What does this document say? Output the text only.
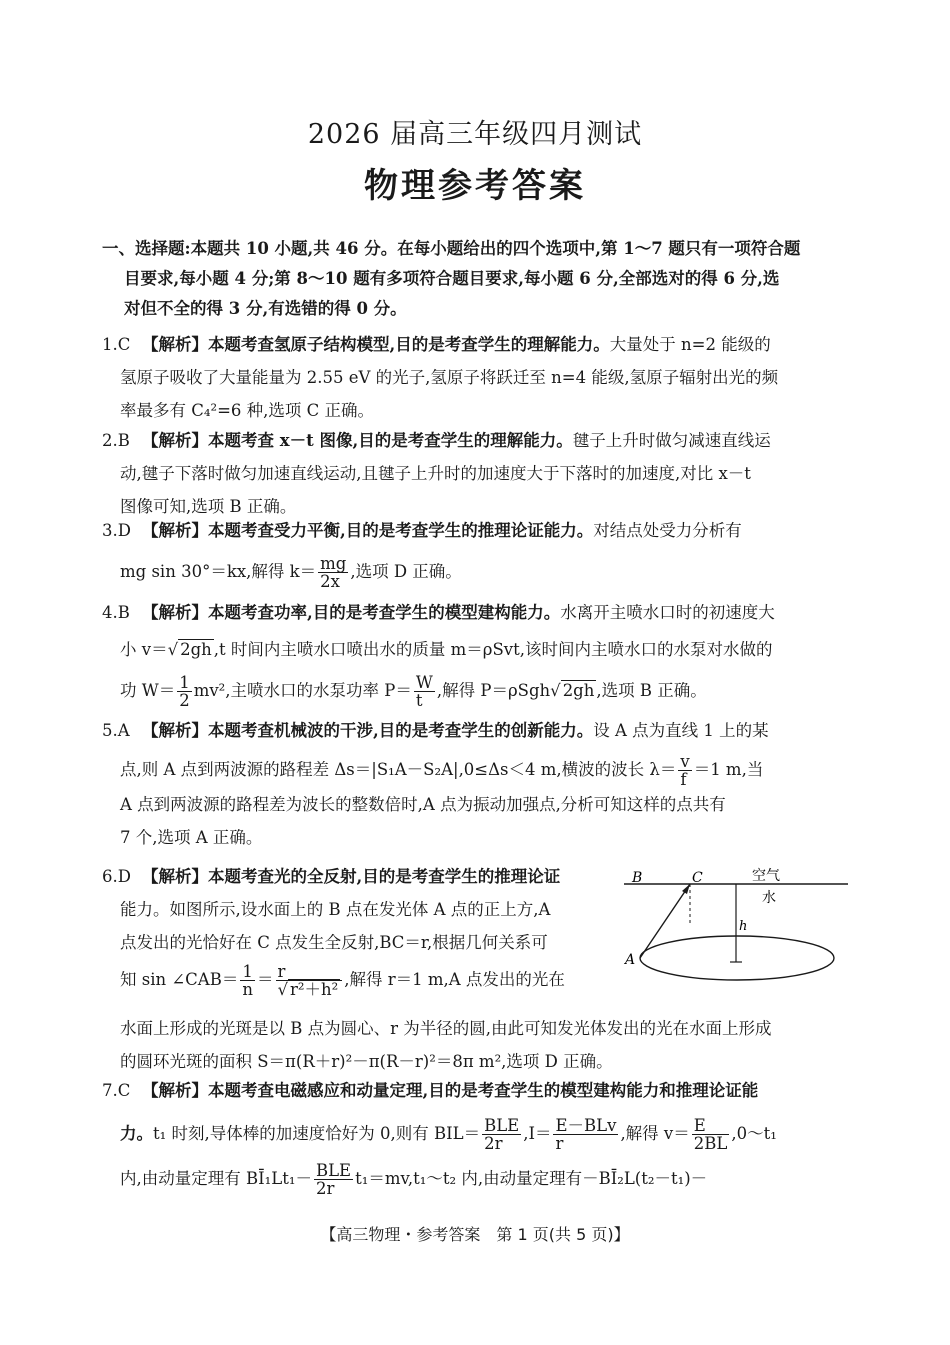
2026 届高三年级四月测试
物理参考答案
一、选择题:本题共 10 小题,共 46 分。在每小题给出的四个选项中,第 1～7 题只有一项符合题
目要求,每小题 4 分;第 8～10 题有多项符合题目要求,每小题 6 分,全部选对的得 6 分,选
对但不全的得 3 分,有选错的得 0 分。
1.C 【解析】本题考查氢原子结构模型,目的是考查学生的理解能力。大量处于 n=2 能级的
氢原子吸收了大量能量为 2.55 eV 的光子,氢原子将跃迁至 n=4 能级,氢原子辐射出光的频
率最多有 C₄²=6 种,选项 C 正确。
2.B 【解析】本题考查 x－t 图像,目的是考查学生的理解能力。毽子上升时做匀减速直线运
动,毽子下落时做匀加速直线运动,且毽子上升时的加速度大于下落时的加速度,对比 x－t
图像可知,选项 B 正确。
3.D 【解析】本题考查受力平衡,目的是考查学生的推理论证能力。对结点处受力分析有
mg sin 30°＝kx,解得 $k= \frac{mg}{2x}$ ,选项 D 正确。
4.B 【解析】本题考查功率,目的是考查学生的模型建构能力。水离开主喷水口时的初速度大
小 v＝√ 2gh ,t 时间内主喷水口喷出水的质量 m＝ρSvt,该时间内主喷水口的水泵对水做的
功 $W= \frac{1}{2} mv^2$,主喷水口的水泵功率 $P= \frac{W}{t}$ ,解得 P＝ρSgh√ 2gh ,选项 B 正确。
5.A 【解析】本题考查机械波的干涉,目的是考查学生的创新能力。设 A 点为直线 1 上的某
点,则 A 点到两波源的路程差 Δs＝|S₁A－S₂A|,0≤Δs＜4 m,横波的波长 $\lambda= \frac{v}{f} =1$ m,当
A 点到两波源的路程差为波长的整数倍时,A 点为振动加强点,分析可知这样的点共有
7 个,选项 A 正确。
6.D 【解析】本题考查光的全反射,目的是考查学生的推理论证
能力。如图所示,设水面上的 B 点在发光体 A 点的正上方,A
点发出的光恰好在 C 点发生全反射,BC＝r,根据几何关系可
知 sin ∠CAB＝ $\frac{1}{n} = \frac{r}{\text{√ r²＋h²}}$ ,解得 r＝1 m,A 点发出的光在
水面上形成的光斑是以 B 点为圆心、r 为半径的圆,由此可知发光体发出的光在水面上形成
的圆环光斑的面积 S＝π(R＋r)²－π(R－r)²＝8π m²,选项 D 正确。
B	C	空气
水
h
A
7.C 【解析】本题考查电磁感应和动量定理,目的是考查学生的模型建构能力和推理论证能
力。t₁ 时刻,导体棒的加速度恰好为 0,则有 $BIL= \frac{\text{BLE}}{2r} ,I= \frac{\text{E－BLv}}{r}$ ,解得 $v= \frac{E}{2BL}$ ,0～t₁
内,由动量定理有 BĪ₁Lt₁－ $\frac{\text{BLE}}{2r}$ t₁＝mv,t₁～t₂ 内,由动量定理有－BĪ₂L(t₂－t₁)－
【高三物理・参考答案　第 1 页(共 5 页)】
